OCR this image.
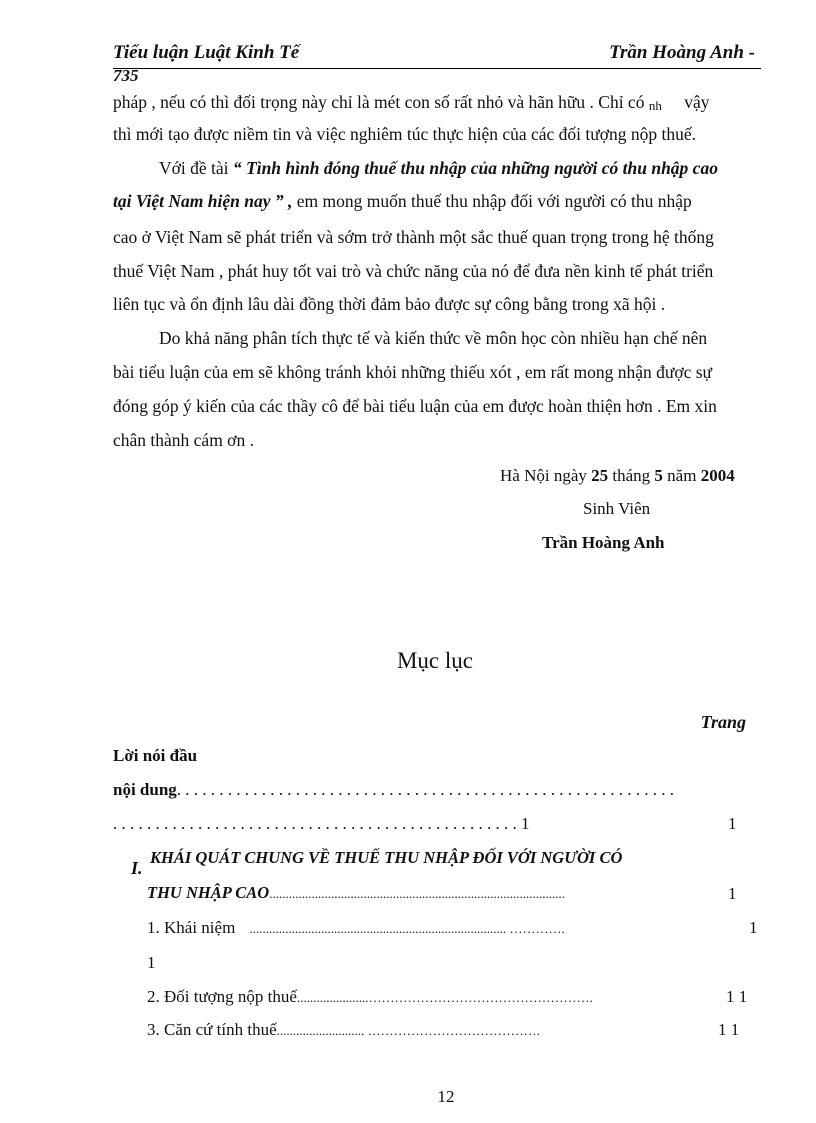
Tiểu luận Luật Kinh Tế	Trần Hoàng Anh -
735
pháp , nếu có thì đối trọng này chỉ là mét con số rất nhỏ và hãn hữu . Chỉ có nh vậy
thì mới tạo được niềm tin và việc nghiêm túc thực hiện của các đối tượng nộp thuế.
Với đề tài “ Tình hình đóng thuế thu nhập của những người có thu nhập cao
tại Việt Nam hiện nay ” , em mong muốn thuế thu nhập đối với người có thu nhập
cao ở Việt Nam sẽ phát triển và sớm trở thành một sắc thuế quan trọng trong hệ thống
thuế Việt Nam , phát huy tốt vai trò và chức năng của nó để đưa nền kinh tế phát triển
liên tục và ổn định lâu dài đồng thời đảm bảo được sự công bằng trong xã hội .
Do khả năng phân tích thực tế và kiến thức về môn học còn nhiều hạn chế nên
bài tiểu luận của em sẽ không tránh khỏi những thiếu xót , em rất mong nhận được sự
đóng góp ý kiến của các thầy cô để bài tiểu luận của em được hoàn thiện hơn . Em xin
chân thành cám ơn .
Hà Nội ngày 25 tháng 5 năm 2004
Sinh Viên
Trần Hoàng Anh
Mục lục
Trang
Lời nói đầu
nội dung. . . . . . . . . . . . . . . . . . . . . . . . . . . . . . . . . . . . . . . . . . . . . . . . . . . . . . . . . . .
. . . . . . . . . . . . . . . . . . . . . . . . . . . . . . . . . . . . . . . . . . . . . . . . 1	1
I.
KHÁI QUÁT CHUNG VỀ THUẾ THU NHẬP ĐỐI VỚI NGƯỜI CÓ
THU NHẬP CAO...........................................................................................	1
1. Khái niệm ............................................................................... ………….	1
1
2. Đối tượng nộp thuế......................…………………………………………….	1 1
3. Căn cứ tính thuế........................... ………………………………….	1 1
12
